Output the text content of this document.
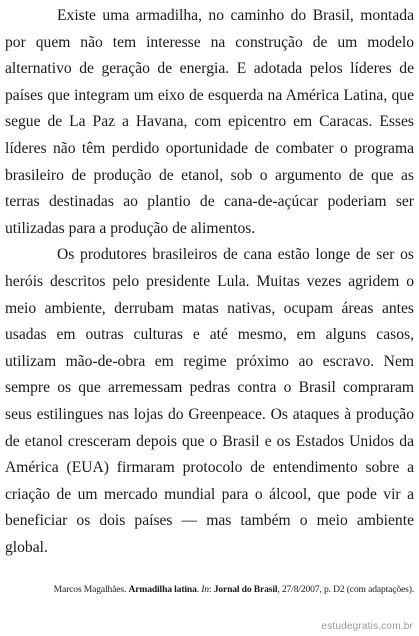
Existe uma armadilha, no caminho do Brasil, montada por quem não tem interesse na construção de um modelo alternativo de geração de energia. E adotada pelos líderes de países que integram um eixo de esquerda na América Latina, que segue de La Paz a Havana, com epicentro em Caracas. Esses líderes não têm perdido oportunidade de combater o programa brasileiro de produção de etanol, sob o argumento de que as terras destinadas ao plantio de cana-de-açúcar poderiam ser utilizadas para a produção de alimentos.

Os produtores brasileiros de cana estão longe de ser os heróis descritos pelo presidente Lula. Muitas vezes agridem o meio ambiente, derrubam matas nativas, ocupam áreas antes usadas em outras culturas e até mesmo, em alguns casos, utilizam mão-de-obra em regime próximo ao escravo. Nem sempre os que arremessam pedras contra o Brasil compraram seus estilingues nas lojas do Greenpeace. Os ataques à produção de etanol cresceram depois que o Brasil e os Estados Unidos da América (EUA) firmaram protocolo de entendimento sobre a criação de um mercado mundial para o álcool, que pode vir a beneficiar os dois países — mas também o meio ambiente global.

Marcos Magalhães. Armadilha latina. In: Jornal do Brasil, 27/8/2007, p. D2 (com adaptações).
estudegratis.com.br
